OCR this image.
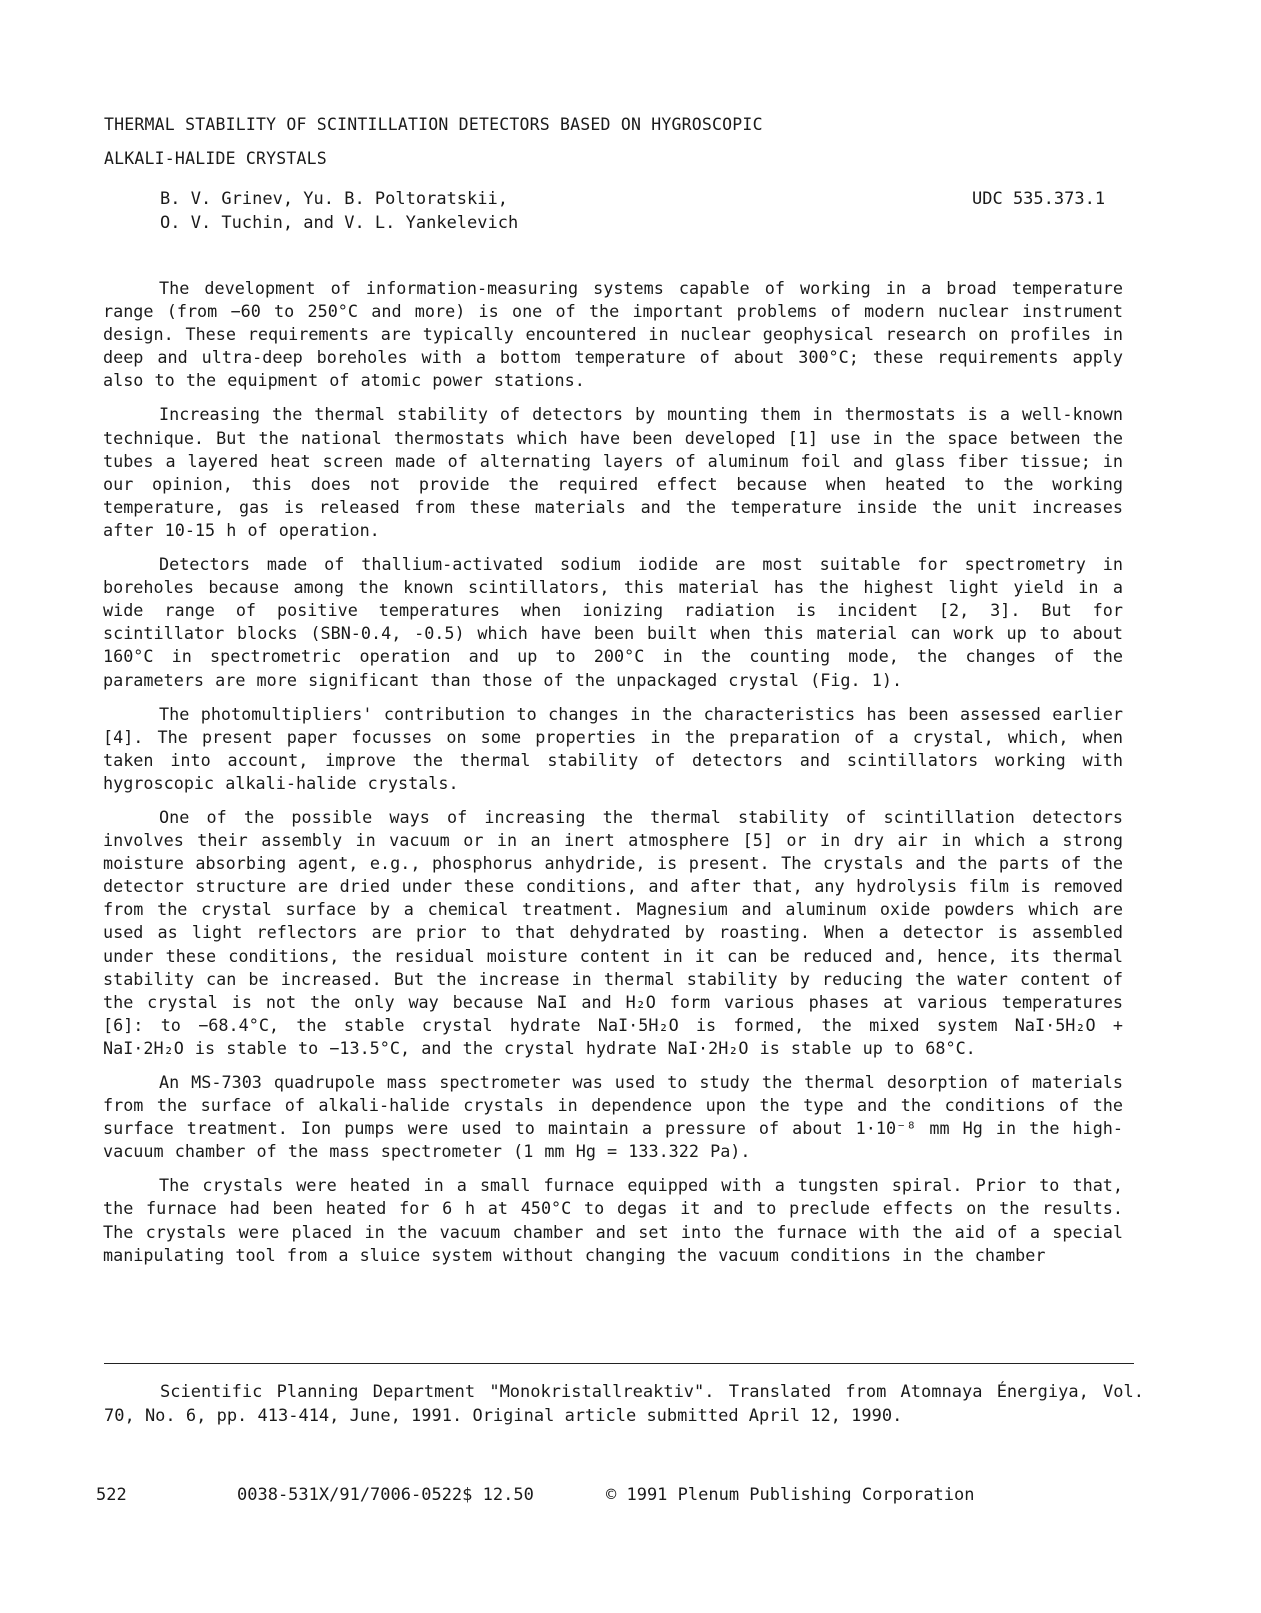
THERMAL STABILITY OF SCINTILLATION DETECTORS BASED ON HYGROSCOPIC
ALKALI-HALIDE CRYSTALS
B. V. Grinev, Yu. B. Poltoratskii,
O. V. Tuchin, and V. L. Yankelevich
UDC 535.373.1

The development of information-measuring systems capable of working in a broad temperature range (from −60 to 250°C and more) is one of the important problems of modern nuclear instrument design. These requirements are typically encountered in nuclear geophysical research on profiles in deep and ultra-deep boreholes with a bottom temperature of about 300°C; these requirements apply also to the equipment of atomic power stations.

Increasing the thermal stability of detectors by mounting them in thermostats is a well-known technique. But the national thermostats which have been developed [1] use in the space between the tubes a layered heat screen made of alternating layers of aluminum foil and glass fiber tissue; in our opinion, this does not provide the required effect because when heated to the working temperature, gas is released from these materials and the temperature inside the unit increases after 10-15 h of operation.

Detectors made of thallium-activated sodium iodide are most suitable for spectrometry in boreholes because among the known scintillators, this material has the highest light yield in a wide range of positive temperatures when ionizing radiation is incident [2, 3]. But for scintillator blocks (SBN-0.4, -0.5) which have been built when this material can work up to about 160°C in spectrometric operation and up to 200°C in the counting mode, the changes of the parameters are more significant than those of the unpackaged crystal (Fig. 1).

The photomultipliers' contribution to changes in the characteristics has been assessed earlier [4]. The present paper focusses on some properties in the preparation of a crystal, which, when taken into account, improve the thermal stability of detectors and scintillators working with hygroscopic alkali-halide crystals.

One of the possible ways of increasing the thermal stability of scintillation detectors involves their assembly in vacuum or in an inert atmosphere [5] or in dry air in which a strong moisture absorbing agent, e.g., phosphorus anhydride, is present. The crystals and the parts of the detector structure are dried under these conditions, and after that, any hydrolysis film is removed from the crystal surface by a chemical treatment. Magnesium and aluminum oxide powders which are used as light reflectors are prior to that dehydrated by roasting. When a detector is assembled under these conditions, the residual moisture content in it can be reduced and, hence, its thermal stability can be increased. But the increase in thermal stability by reducing the water content of the crystal is not the only way because NaI and H₂O form various phases at various temperatures [6]: to −68.4°C, the stable crystal hydrate NaI·5H₂O is formed, the mixed system NaI·5H₂O + NaI·2H₂O is stable to −13.5°C, and the crystal hydrate NaI·2H₂O is stable up to 68°C.

An MS-7303 quadrupole mass spectrometer was used to study the thermal desorption of materials from the surface of alkali-halide crystals in dependence upon the type and the conditions of the surface treatment. Ion pumps were used to maintain a pressure of about 1·10⁻⁸ mm Hg in the high-vacuum chamber of the mass spectrometer (1 mm Hg = 133.322 Pa).

The crystals were heated in a small furnace equipped with a tungsten spiral. Prior to that, the furnace had been heated for 6 h at 450°C to degas it and to preclude effects on the results. The crystals were placed in the vacuum chamber and set into the furnace with the aid of a special manipulating tool from a sluice system without changing the vacuum conditions in the chamber

Scientific Planning Department "Monokristallreaktiv". Translated from Atomnaya Énergiya, Vol. 70, No. 6, pp. 413-414, June, 1991. Original article submitted April 12, 1990.
522	0038-531X/91/7006-0522$ 12.50	© 1991 Plenum Publishing Corporation
